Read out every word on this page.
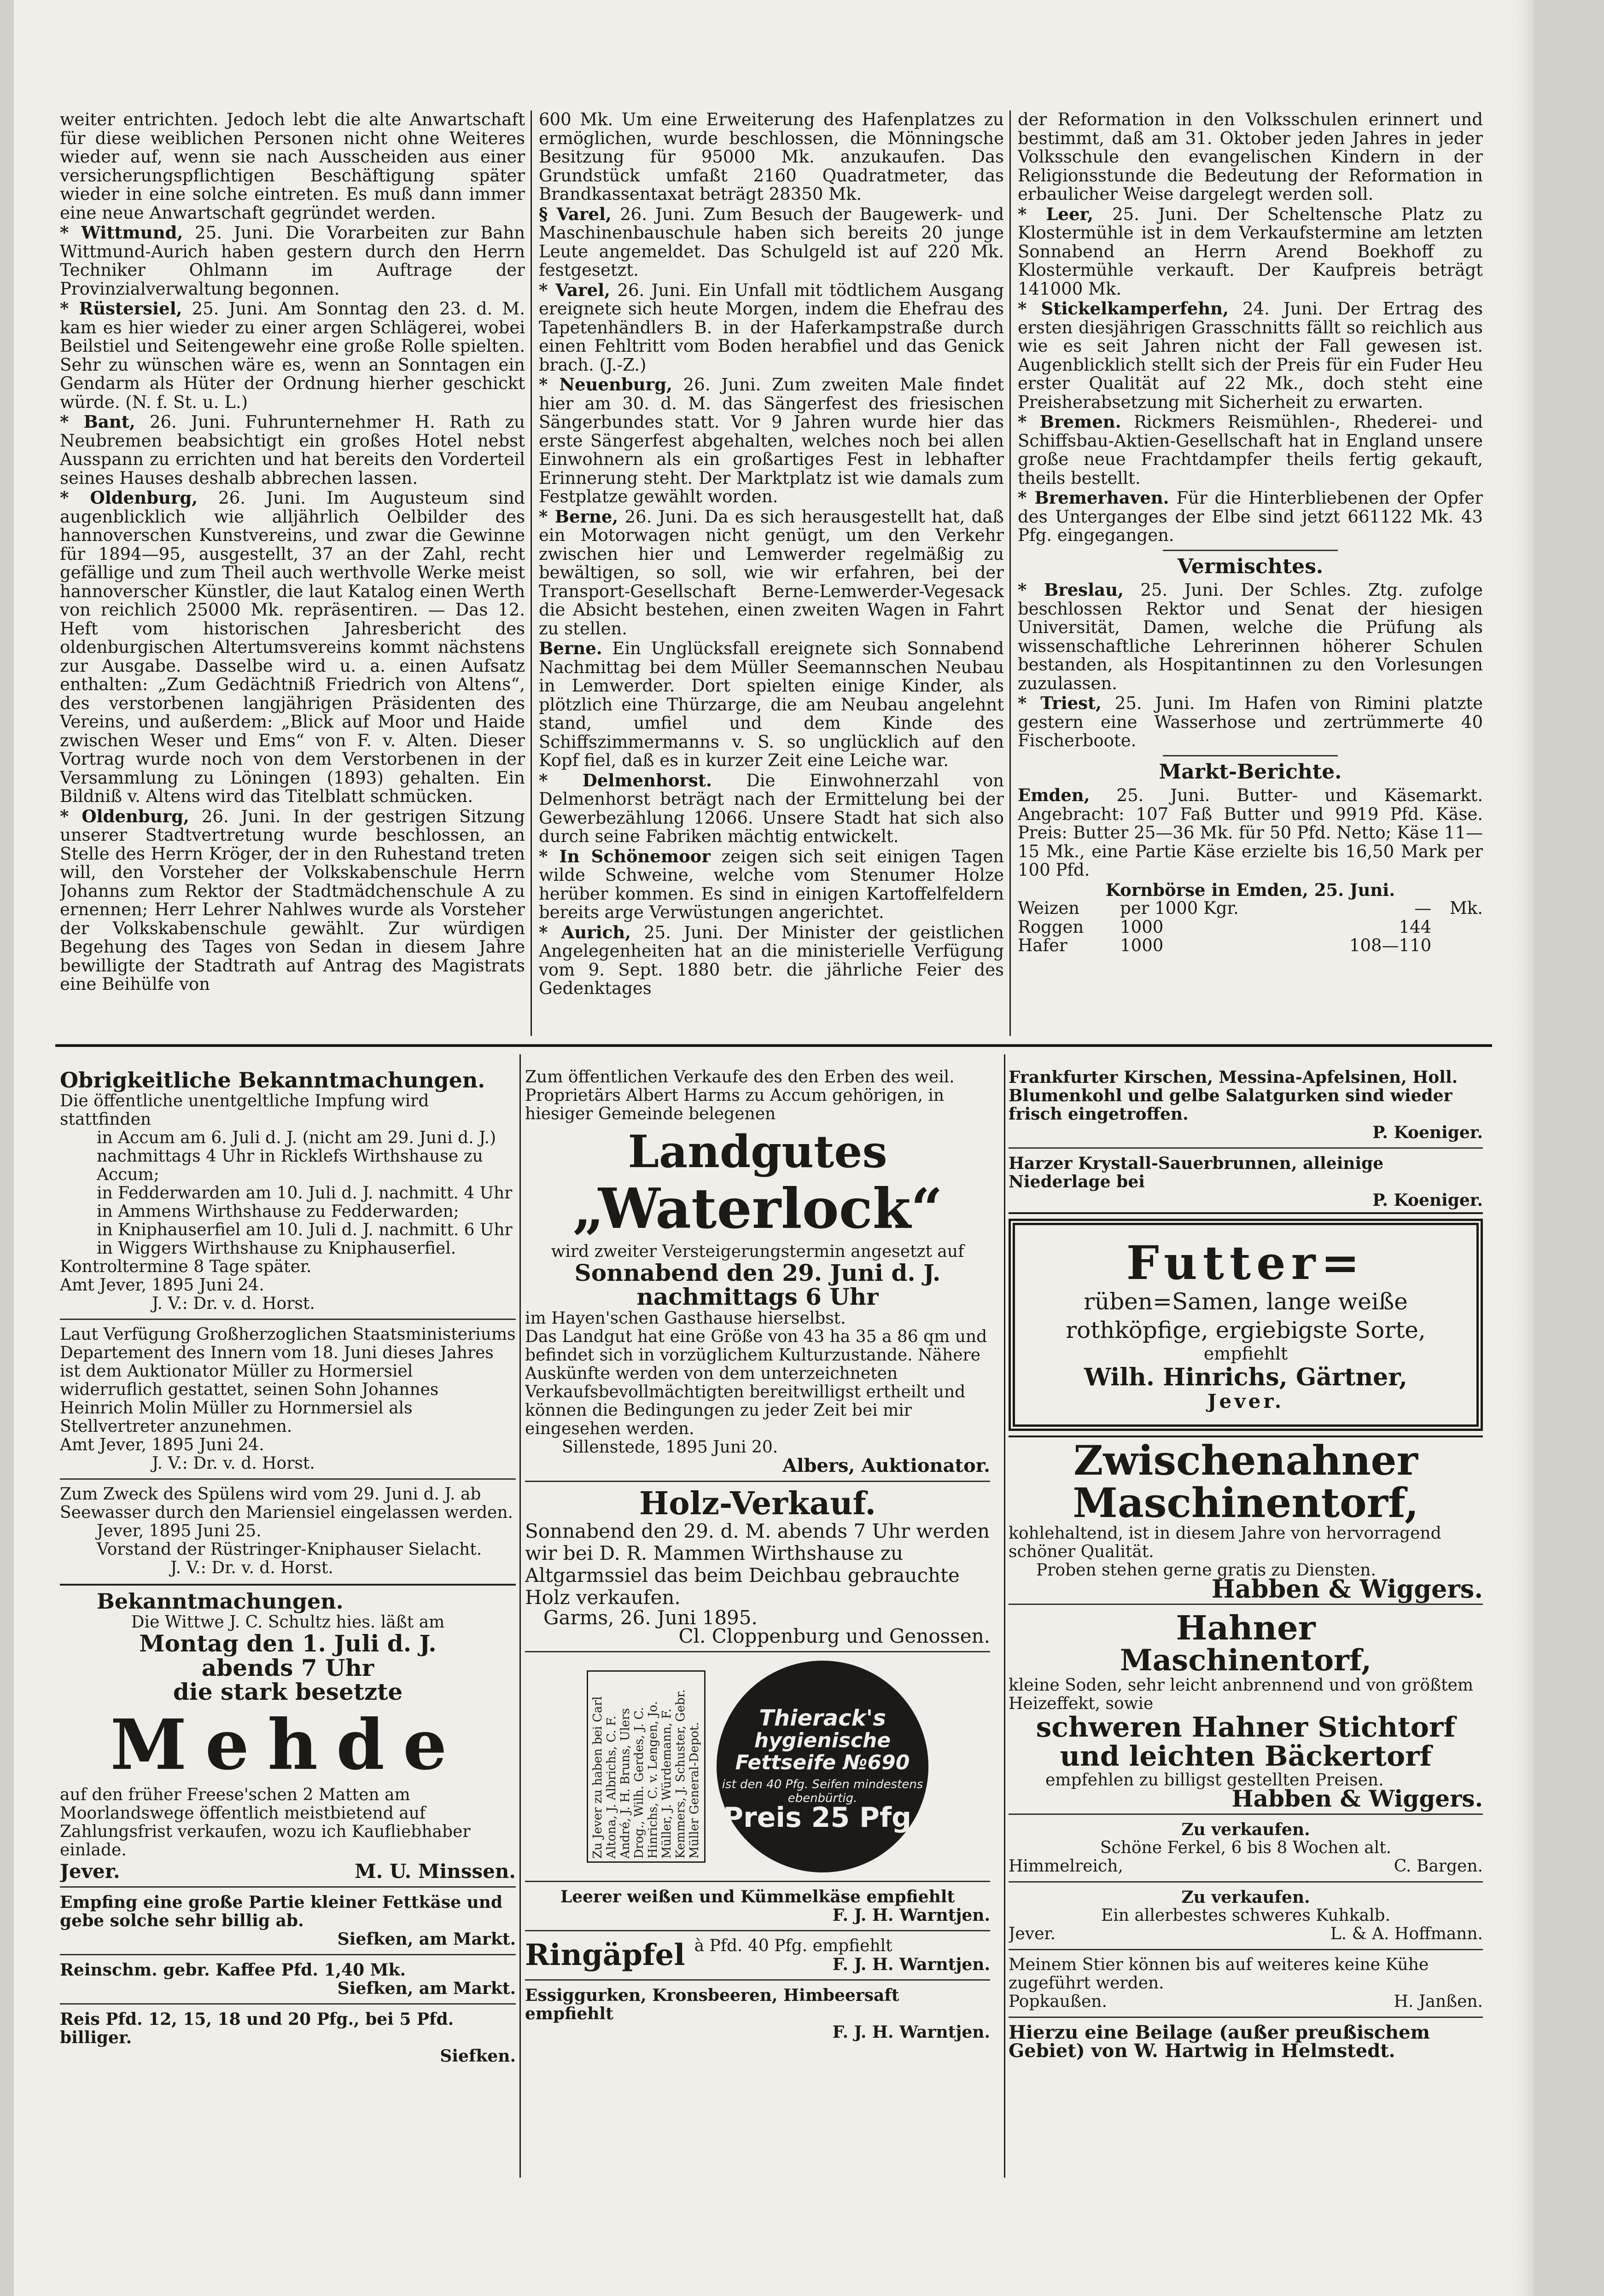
weiter entrichten. Jedoch lebt die alte Anwartschaft für diese weiblichen Personen nicht ohne Weiteres wieder auf, wenn sie nach Ausscheiden aus einer versicherungspflichtigen Beschäftigung später wieder in eine solche eintreten. Es muß dann immer eine neue Anwartschaft gegründet werden.

* Wittmund, 25. Juni. Die Vorarbeiten zur Bahn Wittmund-Aurich haben gestern durch den Herrn Techniker Ohlmann im Auftrage der Provinzialverwaltung begonnen.

* Rüstersiel, 25. Juni. Am Sonntag den 23. d. M. kam es hier wieder zu einer argen Schlägerei, wobei Beilstiel und Seitengewehr eine große Rolle spielten. Sehr zu wünschen wäre es, wenn an Sonntagen ein Gendarm als Hüter der Ordnung hierher geschickt würde. (N. f. St. u. L.)

* Bant, 26. Juni. Fuhrunternehmer H. Rath zu Neubremen beabsichtigt ein großes Hotel nebst Ausspann zu errichten und hat bereits den Vorderteil seines Hauses deshalb abbrechen lassen.

* Oldenburg, 26. Juni. Im Augusteum sind augenblicklich wie alljährlich Oelbilder des hannoverschen Kunstvereins, und zwar die Gewinne für 1894—95, ausgestellt, 37 an der Zahl, recht gefällige und zum Theil auch werthvolle Werke meist hannoverscher Künstler, die laut Katalog einen Werth von reichlich 25000 Mk. repräsentiren. — Das 12. Heft vom historischen Jahresbericht des oldenburgischen Altertumsvereins kommt nächstens zur Ausgabe. Dasselbe wird u. a. einen Aufsatz enthalten: „Zum Gedächtniß Friedrich von Altens“, des verstorbenen langjährigen Präsidenten des Vereins, und außerdem: „Blick auf Moor und Haide zwischen Weser und Ems“ von F. v. Alten. Dieser Vortrag wurde noch von dem Verstorbenen in der Versammlung zu Löningen (1893) gehalten. Ein Bildniß v. Altens wird das Titelblatt schmücken.

* Oldenburg, 26. Juni. In der gestrigen Sitzung unserer Stadtvertretung wurde beschlossen, an Stelle des Herrn Kröger, der in den Ruhestand treten will, den Vorsteher der Volkskabenschule Herrn Johanns zum Rektor der Stadtmädchenschule A zu ernennen; Herr Lehrer Nahlwes wurde als Vorsteher der Volkskabenschule gewählt. Zur würdigen Begehung des Tages von Sedan in diesem Jahre bewilligte der Stadtrath auf Antrag des Magistrats eine Beihülfe von

600 Mk. Um eine Erweiterung des Hafenplatzes zu ermöglichen, wurde beschlossen, die Mönningsche Besitzung für 95000 Mk. anzukaufen. Das Grundstück umfaßt 2160 Quadratmeter, das Brandkassentaxat beträgt 28350 Mk.

§ Varel, 26. Juni. Zum Besuch der Baugewerk- und Maschinenbauschule haben sich bereits 20 junge Leute angemeldet. Das Schulgeld ist auf 220 Mk. festgesetzt.

* Varel, 26. Juni. Ein Unfall mit tödtlichem Ausgang ereignete sich heute Morgen, indem die Ehefrau des Tapetenhändlers B. in der Haferkampstraße durch einen Fehltritt vom Boden herabfiel und das Genick brach. (J.-Z.)

* Neuenburg, 26. Juni. Zum zweiten Male findet hier am 30. d. M. das Sängerfest des friesischen Sängerbundes statt. Vor 9 Jahren wurde hier das erste Sängerfest abgehalten, welches noch bei allen Einwohnern als ein großartiges Fest in lebhafter Erinnerung steht. Der Marktplatz ist wie damals zum Festplatze gewählt worden.

* Berne, 26. Juni. Da es sich herausgestellt hat, daß ein Motorwagen nicht genügt, um den Verkehr zwischen hier und Lemwerder regelmäßig zu bewältigen, so soll, wie wir erfahren, bei der Transport-Gesellschaft Berne-Lemwerder-Vegesack die Absicht bestehen, einen zweiten Wagen in Fahrt zu stellen.

Berne. Ein Unglücksfall ereignete sich Sonnabend Nachmittag bei dem Müller Seemannschen Neubau in Lemwerder. Dort spielten einige Kinder, als plötzlich eine Thürzarge, die am Neubau angelehnt stand, umfiel und dem Kinde des Schiffszimmermanns v. S. so unglücklich auf den Kopf fiel, daß es in kurzer Zeit eine Leiche war.

* Delmenhorst. Die Einwohnerzahl von Delmenhorst beträgt nach der Ermittelung bei der Gewerbezählung 12066. Unsere Stadt hat sich also durch seine Fabriken mächtig entwickelt.

* In Schönemoor zeigen sich seit einigen Tagen wilde Schweine, welche vom Stenumer Holze herüber kommen. Es sind in einigen Kartoffelfeldern bereits arge Verwüstungen angerichtet.

* Aurich, 25. Juni. Der Minister der geistlichen Angelegenheiten hat an die ministerielle Verfügung vom 9. Sept. 1880 betr. die jährliche Feier des Gedenktages

der Reformation in den Volksschulen erinnert und bestimmt, daß am 31. Oktober jeden Jahres in jeder Volksschule den evangelischen Kindern in der Religionsstunde die Bedeutung der Reformation in erbaulicher Weise dargelegt werden soll.

* Leer, 25. Juni. Der Scheltensche Platz zu Klostermühle ist in dem Verkaufstermine am letzten Sonnabend an Herrn Arend Boekhoff zu Klostermühle verkauft. Der Kaufpreis beträgt 141000 Mk.

* Stickelkamperfehn, 24. Juni. Der Ertrag des ersten diesjährigen Grasschnitts fällt so reichlich aus wie es seit Jahren nicht der Fall gewesen ist. Augenblicklich stellt sich der Preis für ein Fuder Heu erster Qualität auf 22 Mk., doch steht eine Preisherabsetzung mit Sicherheit zu erwarten.

* Bremen. Rickmers Reismühlen-, Rhederei- und Schiffsbau-Aktien-Gesellschaft hat in England unsere große neue Frachtdampfer theils fertig gekauft, theils bestellt.

* Bremerhaven. Für die Hinterbliebenen der Opfer des Unterganges der Elbe sind jetzt 661122 Mk. 43 Pfg. eingegangen.

Vermischtes.

* Breslau, 25. Juni. Der Schles. Ztg. zufolge beschlossen Rektor und Senat der hiesigen Universität, Damen, welche die Prüfung als wissenschaftliche Lehrerinnen höherer Schulen bestanden, als Hospitantinnen zu den Vorlesungen zuzulassen.

* Triest, 25. Juni. Im Hafen von Rimini platzte gestern eine Wasserhose und zertrümmerte 40 Fischerboote.

Markt-Berichte.

Emden, 25. Juni. Butter- und Käsemarkt. Angebracht: 107 Faß Butter und 9919 Pfd. Käse. Preis: Butter 25—36 Mk. für 50 Pfd. Netto; Käse 11—15 Mk., eine Partie Käse erzielte bis 16,50 Mark per 100 Pfd.

Kornbörse in Emden, 25. Juni.
Weizen	per 1000 Kgr.	—	Mk.
Roggen	1000	144	
Hafer	1000	108—110	
Obrigkeitliche Bekanntmachungen.
Die öffentliche unentgeltliche Impfung wird stattfinden
in Accum am 6. Juli d. J. (nicht am 29. Juni d. J.) nachmittags 4 Uhr in Ricklefs Wirthshause zu Accum;
in Fedderwarden am 10. Juli d. J. nachmitt. 4 Uhr in Ammens Wirthshause zu Fedderwarden;
in Kniphauserfiel am 10. Juli d. J. nachmitt. 6 Uhr in Wiggers Wirthshause zu Kniphauserfiel.
Kontroltermine 8 Tage später.
Amt Jever, 1895 Juni 24.
J. V.: Dr. v. d. Horst.
Laut Verfügung Großherzoglichen Staatsministeriums Departement des Innern vom 18. Juni dieses Jahres ist dem Auktionator Müller zu Hormersiel widerruflich gestattet, seinen Sohn Johannes Heinrich Molin Müller zu Hornmersiel als Stellvertreter anzunehmen.
Amt Jever, 1895 Juni 24.
J. V.: Dr. v. d. Horst.
Zum Zweck des Spülens wird vom 29. Juni d. J. ab Seewasser durch den Mariensiel eingelassen werden.
Jever, 1895 Juni 25.
Vorstand der Rüstringer-Kniphauser Sielacht.
J. V.: Dr. v. d. Horst.
Bekanntmachungen.
Die Wittwe J. C. Schultz hies. läßt am
Montag den 1. Juli d. J.
abends 7 Uhr
die stark besetzte
Mehde
auf den früher Freese'schen 2 Matten am Moorlandswege öffentlich meistbietend auf Zahlungsfrist verkaufen, wozu ich Kaufliebhaber einlade.
Jever.	M. U. Minssen.
Empfing eine große Partie kleiner Fettkäse und gebe solche sehr billig ab.
Siefken, am Markt.
Reinschm. gebr. Kaffee Pfd. 1,40 Mk.
Siefken, am Markt.
Reis Pfd. 12, 15, 18 und 20 Pfg., bei 5 Pfd. billiger.
Siefken.
Zum öffentlichen Verkaufe des den Erben des weil. Proprietärs Albert Harms zu Accum gehörigen, in hiesiger Gemeinde belegenen
Landgutes
„Waterlock“
wird zweiter Versteigerungstermin angesetzt auf
Sonnabend den 29. Juni d. J.
nachmittags 6 Uhr
im Hayen'schen Gasthause hierselbst.
Das Landgut hat eine Größe von 43 ha 35 a 86 qm und befindet sich in vorzüglichem Kulturzustande. Nähere Auskünfte werden von dem unterzeichneten Verkaufsbevollmächtigten bereitwilligst ertheilt und können die Bedingungen zu jeder Zeit bei mir eingesehen werden.
Sillenstede, 1895 Juni 20.
Albers, Auktionator.
Holz-Verkauf.
Sonnabend den 29. d. M. abends 7 Uhr werden wir bei D. R. Mammen Wirthshause zu Altgarmssiel das beim Deichbau gebrauchte Holz verkaufen.
Garms, 26. Juni 1895.
Cl. Cloppenburg und Genossen.
Zu Jever zu haben bei Carl Altona, J. Albrichs, C. F. André, J. H. Bruns, Ulers Drog., Wilh. Gerdes, J. C. Hinrichs, C. v. Lengen, Jo. Müller, J. Würdemann, F. Kemmers, J. Schuster, Gebr. Müller General-Depot.
Thierack's
hygienische
Fettseife №690
ist den 40 Pfg. Seifen mindestens ebenbürtig.
Preis 25 Pfg.
Leerer weißen und Kümmelkäse empfiehlt
F. J. H. Warntjen.
Ringäpfel à Pfd. 40 Pfg. empfiehlt
F. J. H. Warntjen.
Essiggurken, Kronsbeeren, Himbeersaft empfiehlt
F. J. H. Warntjen.
Frankfurter Kirschen, Messina-Apfelsinen, Holl. Blumenkohl und gelbe Salatgurken sind wieder frisch eingetroffen.
P. Koeniger.
Harzer Krystall-Sauerbrunnen, alleinige Niederlage bei
P. Koeniger.
Futter=
rüben=Samen, lange weiße
rothköpfige, ergiebigste Sorte,
empfiehlt
Wilh. Hinrichs, Gärtner,
Jever.
Zwischenahner
Maschinentorf,
kohlehaltend, ist in diesem Jahre von hervorragend schöner Qualität.
Proben stehen gerne gratis zu Diensten.
Habben & Wiggers.
Hahner
Maschinentorf,
kleine Soden, sehr leicht anbrennend und von größtem Heizeffekt, sowie
schweren Hahner Stichtorf
und leichten Bäckertorf
empfehlen zu billigst gestellten Preisen.
Habben & Wiggers.
Zu verkaufen.
Schöne Ferkel, 6 bis 8 Wochen alt.
Himmelreich,	C. Bargen.
Zu verkaufen.
Ein allerbestes schweres Kuhkalb.
Jever.	L. & A. Hoffmann.
Meinem Stier können bis auf weiteres keine Kühe zugeführt werden.
Popkaußen.	H. Janßen.
Hierzu eine Beilage (außer preußischem Gebiet) von W. Hartwig in Helmstedt.
